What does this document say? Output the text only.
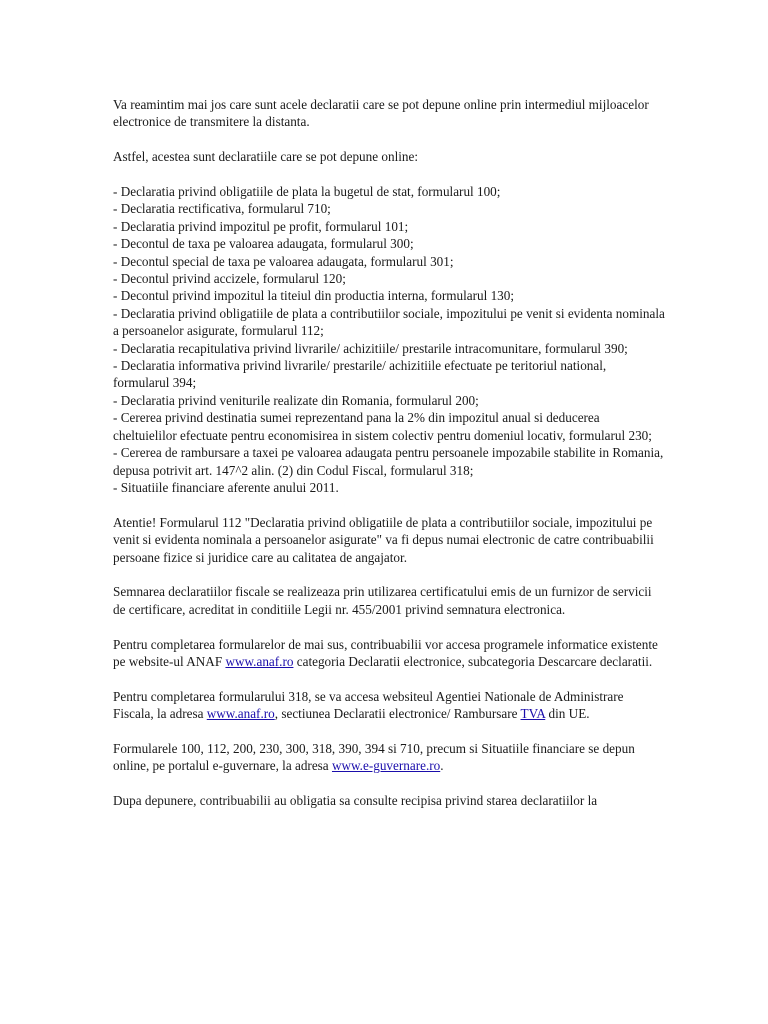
Va reamintim mai jos care sunt acele declaratii care se pot depune online prin intermediul mijloacelor electronice de transmitere la distanta.

Astfel, acestea sunt declaratiile care se pot depune online:

- Declaratia privind obligatiile de plata la bugetul de stat, formularul 100;
- Declaratia rectificativa, formularul 710;
- Declaratia privind impozitul pe profit, formularul 101;
- Decontul de taxa pe valoarea adaugata, formularul 300;
- Decontul special de taxa pe valoarea adaugata, formularul 301;
- Decontul privind accizele, formularul 120;
- Decontul privind impozitul la titeiul din productia interna, formularul 130;
- Declaratia privind obligatiile de plata a contributiilor sociale, impozitului pe venit si evidenta nominala a persoanelor asigurate, formularul 112;
- Declaratia recapitulativa privind livrarile/ achizitiile/ prestarile intracomunitare, formularul 390;
- Declaratia informativa privind livrarile/ prestarile/ achizitiile efectuate pe teritoriul national, formularul 394;
- Declaratia privind veniturile realizate din Romania, formularul 200;
- Cererea privind destinatia sumei reprezentand pana la 2% din impozitul anual si deducerea cheltuielilor efectuate pentru economisirea in sistem colectiv pentru domeniul locativ, formularul 230;
- Cererea de rambursare a taxei pe valoarea adaugata pentru persoanele impozabile stabilite in Romania, depusa potrivit art. 147^2 alin. (2) din Codul Fiscal, formularul 318;
- Situatiile financiare aferente anului 2011.

Atentie! Formularul 112 "Declaratia privind obligatiile de plata a contributiilor sociale, impozitului pe venit si evidenta nominala a persoanelor asigurate" va fi depus numai electronic de catre contribuabilii persoane fizice si juridice care au calitatea de angajator.

Semnarea declaratiilor fiscale se realizeaza prin utilizarea certificatului emis de un furnizor de servicii de certificare, acreditat in conditiile Legii nr. 455/2001 privind semnatura electronica.

Pentru completarea formularelor de mai sus, contribuabilii vor accesa programele informatice existente pe website-ul ANAF www.anaf.ro categoria Declaratii electronice, subcategoria Descarcare declaratii.

Pentru completarea formularului 318, se va accesa websiteul Agentiei Nationale de Administrare Fiscala, la adresa www.anaf.ro, sectiunea Declaratii electronice/ Rambursare TVA din UE.

Formularele 100, 112, 200, 230, 300, 318, 390, 394 si 710, precum si Situatiile financiare se depun online, pe portalul e-guvernare, la adresa www.e-guvernare.ro.

Dupa depunere, contribuabilii au obligatia sa consulte recipisa privind starea declaratiilor la
